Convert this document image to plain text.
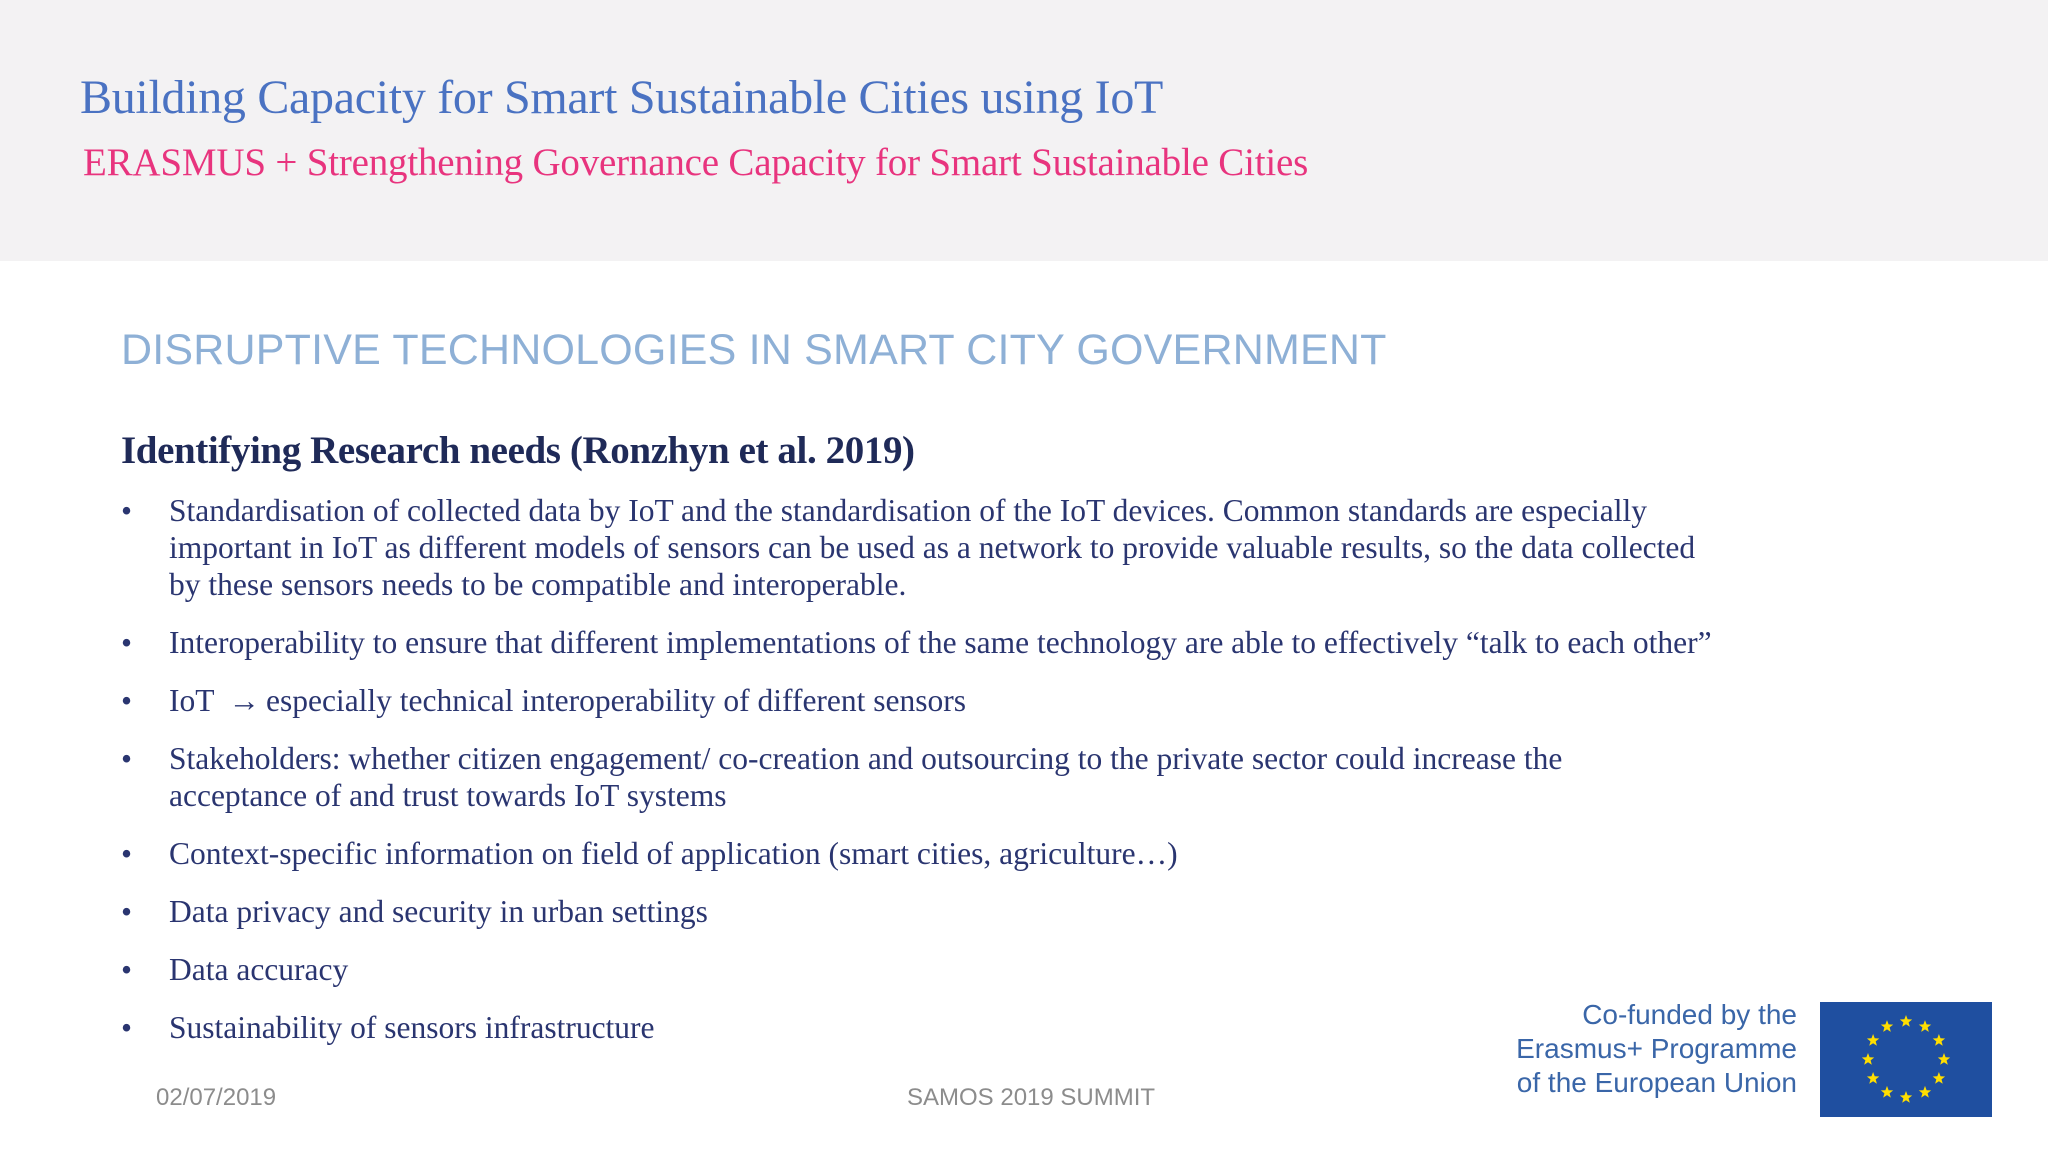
Building Capacity for Smart Sustainable Cities using IoT
ERASMUS + Strengthening Governance Capacity for Smart Sustainable Cities
DISRUPTIVE TECHNOLOGIES IN SMART CITY GOVERNMENT
Identifying Research needs (Ronzhyn et al. 2019)
•	Standardisation of collected data by IoT and the standardisation of the IoT devices. Common standards are especially
important in IoT as different models of sensors can be used as a network to provide valuable results, so the data collected
by these sensors needs to be compatible and interoperable.
•	Interoperability to ensure that different implementations of the same technology are able to effectively “talk to each other”
•	IoT → especially technical interoperability of different sensors
•	Stakeholders: whether citizen engagement/ co-creation and outsourcing to the private sector could increase the
acceptance of and trust towards IoT systems
•	Context-specific information on field of application (smart cities, agriculture…)
•	Data privacy and security in urban settings
•	Data accuracy
•	Sustainability of sensors infrastructure
02/07/2019	SAMOS 2019 SUMMIT
Co-funded by the
Erasmus+ Programme
of the European Union
